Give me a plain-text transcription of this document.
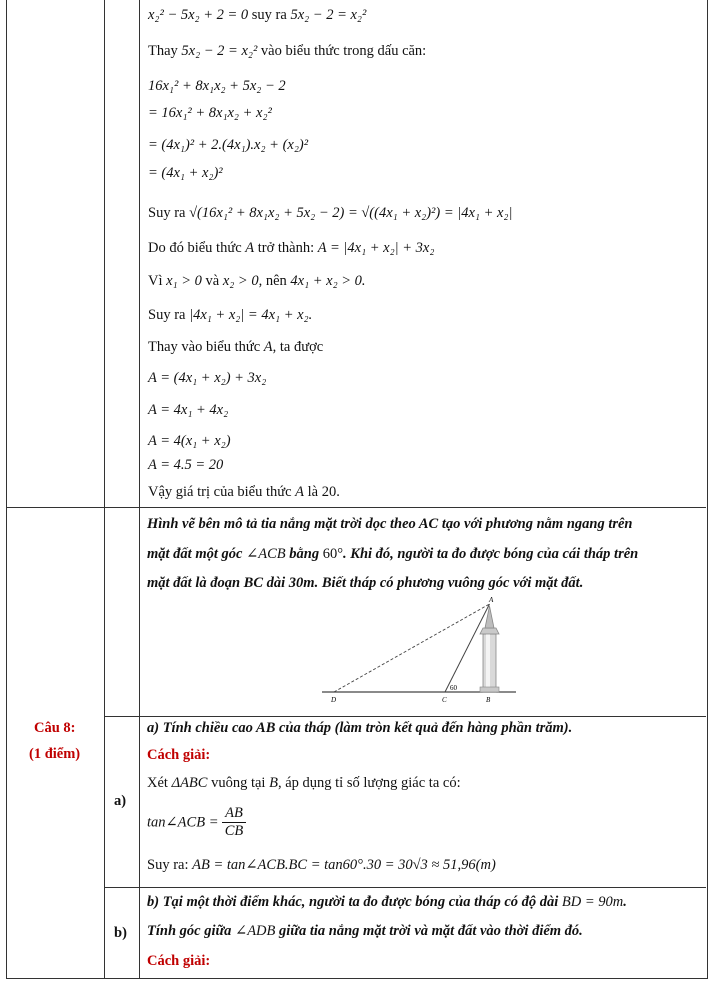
x₂² − 5x₂ + 2 = 0 suy ra 5x₂ − 2 = x₂²
Thay 5x₂ − 2 = x₂² vào biểu thức trong dấu căn:
16x₁² + 8x₁x₂ + 5x₂ − 2
= 16x₁² + 8x₁x₂ + x₂²
= (4x₁)² + 2.(4x₁).x₂ + (x₂)²
= (4x₁ + x₂)²
Suy ra √(16x₁² + 8x₁x₂ + 5x₂ − 2) = √((4x₁ + x₂)²) = |4x₁ + x₂|
Do đó biểu thức A trở thành: A = |4x₁ + x₂| + 3x₂
Vì x₁ > 0 và x₂ > 0, nên 4x₁ + x₂ > 0.
Suy ra |4x₁ + x₂| = 4x₁ + x₂.
Thay vào biểu thức A, ta được
A = (4x₁ + x₂) + 3x₂
A = 4x₁ + 4x₂
A = 4(x₁ + x₂)
A = 4.5 = 20
Vậy giá trị của biểu thức A là 20.
Câu 8:
(1 điểm)
Hình vẽ bên mô tả tia nắng mặt trời dọc theo AC tạo với phương nằm ngang trên
mặt đất một góc ∠ACB bằng 60°. Khi đó, người ta đo được bóng của cái tháp trên
mặt đất là đoạn BC dài 30m. Biết tháp có phương vuông góc với mặt đất.
A
B
C
D
60
a)
a) Tính chiều cao AB của tháp (làm tròn kết quả đến hàng phần trăm).
Cách giải:
Xét ΔABC vuông tại B, áp dụng tỉ số lượng giác ta có:
tan∠ACB = $\frac{AB}{CB}$
Suy ra: AB = tan∠ACB.BC = tan60°.30 = 30√3 ≈ 51,96(m)
b)
b) Tại một thời điểm khác, người ta đo được bóng của tháp có độ dài BD = 90m.
Tính góc giữa ∠ADB giữa tia nắng mặt trời và mặt đất vào thời điểm đó.
Cách giải:
